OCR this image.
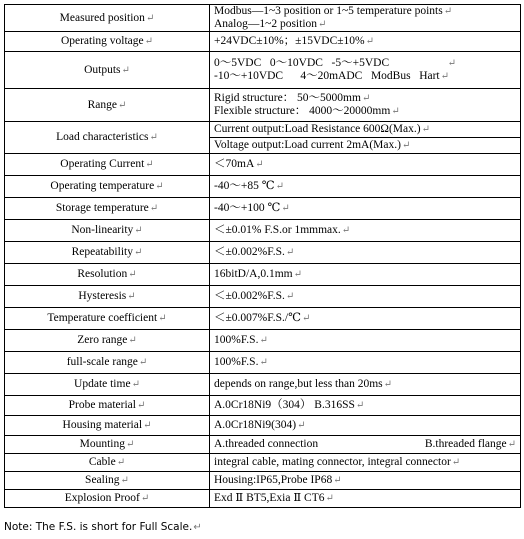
Measured position↵	Modbus—1~3 position or 1~5 temperature points↵
Analog—1~2 position↵

Operating voltage↵	+24VDC±10%；±15VDC±10%↵
Outputs↵	0～5VDC   0～10VDC   -5～+5VDC ↵
-10～+10VDC      4～20mADC   ModBus   Hart↵

Range↵	Rigid structure： 50～5000mm↵
Flexible structure： 4000～20000mm↵

Load characteristics↵	Current output:Load Resistance 600Ω(Max.)↵
	Voltage output:Load current 2mA(Max.)↵
Operating Current↵	＜70mA↵
Operating temperature↵	-40～+85 ℃↵
Storage temperature↵	-40～+100 ℃↵
Non-linearity↵	＜±0.01% F.S.or 1mmmax.↵
Repeatability↵	＜±0.002%F.S.↵
Resolution↵	16bitD/A,0.1mm↵
Hysteresis↵	＜±0.002%F.S.↵
Temperature coefficient↵	＜±0.007%F.S./℃↵
Zero range↵	100%F.S.↵
full-scale range↵	100%F.S.↵
Update time↵	depends on range,but less than 20ms↵
Probe material↵	A.0Cr18Ni9（304） B.316SS↵
Housing material↵	A.0Cr18Ni9(304)↵
Mounting↵	A.threaded connection B.threaded flange↵

Cable↵	integral cable, mating connector, integral connector↵
Sealing↵	Housing:IP65,Probe IP68↵
Explosion Proof↵	Exd Ⅱ BT5,Exia Ⅱ CT6↵
Note: The F.S. is short for Full Scale.↵
